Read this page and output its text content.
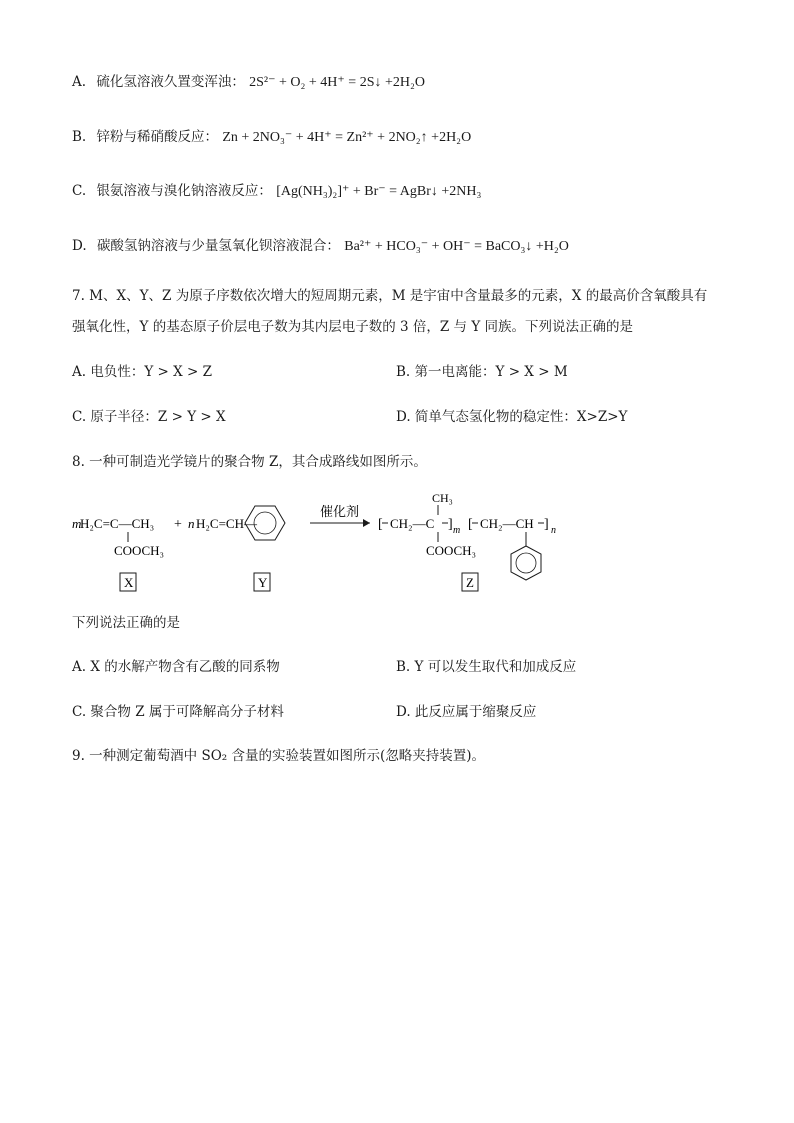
A. 硫化氢溶液久置变浑浊： 2S²⁻ + O₂ + 4H⁺ = 2S↓ +2H₂O
B. 锌粉与稀硝酸反应： Zn + 2NO₃⁻ + 4H⁺ = Zn²⁺ + 2NO₂↑ +2H₂O
C. 银氨溶液与溴化钠溶液反应： [Ag(NH₃)₂]⁺ + Br⁻ = AgBr↓ +2NH₃
D. 碳酸氢钠溶液与少量氢氧化钡溶液混合： Ba²⁺ + HCO₃⁻ + OH⁻ = BaCO₃↓ +H₂O
7. M、X、Y、Z 为原子序数依次增大的短周期元素，M 是宇宙中含量最多的元素，X 的最高价含氧酸具有
强氧化性，Y 的基态原子价层电子数为其内层电子数的 3 倍，Z 与 Y 同族。下列说法正确的是
A. 电负性：Y > X > Z	B. 第一电离能：Y > X > M
C. 原子半径：Z > Y > X	D. 简单气态氢化物的稳定性：X>Z>Y
8. 一种可制造光学镜片的聚合物 Z，其合成路线如图所示。
m
H₂C=C—CH₃
COOCH₃
+ n H₂C=CH—
催化剂
CH₃
[ CH₂—C ] m
COOCH₃
[ CH₂—CH ] n
X	Y	Z
下列说法正确的是
A. X 的水解产物含有乙酸的同系物	B. Y 可以发生取代和加成反应
C. 聚合物 Z 属于可降解高分子材料	D. 此反应属于缩聚反应
9. 一种测定葡萄酒中 SO₂ 含量的实验装置如图所示(忽略夹持装置)。
